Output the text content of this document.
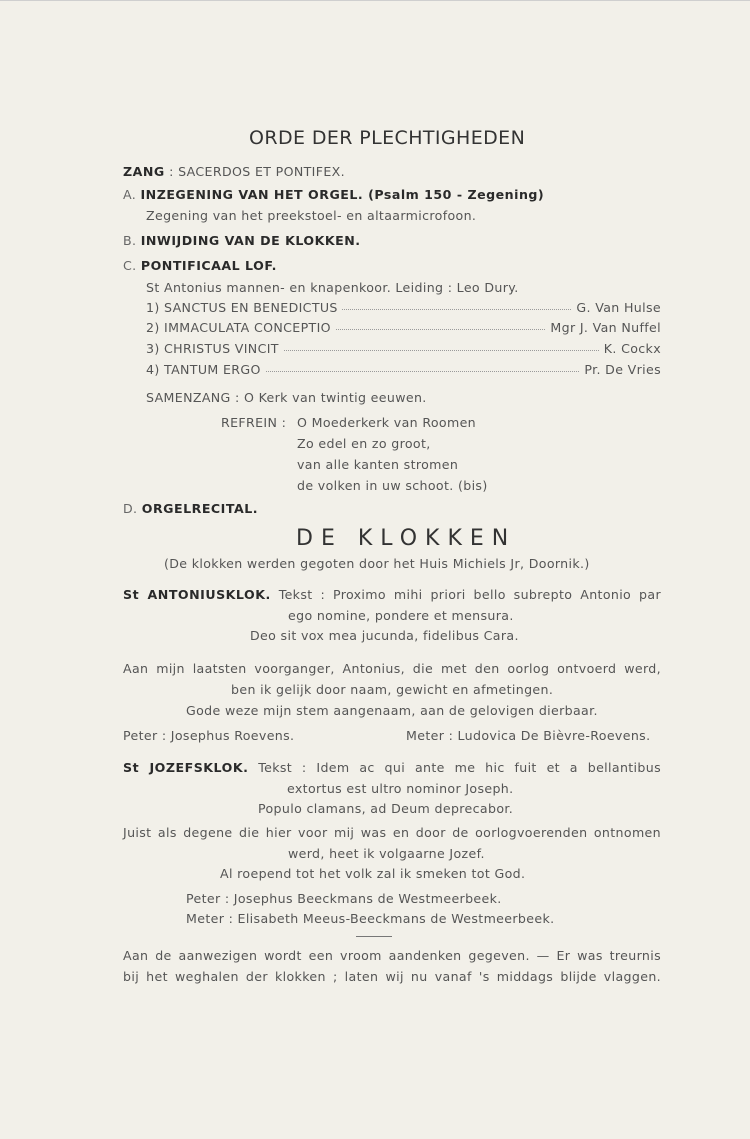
ORDE DER PLECHTIGHEDEN
ZANG : SACERDOS ET PONTIFEX.
A. INZEGENING VAN HET ORGEL. (Psalm 150 - Zegening)
Zegening van het preekstoel- en altaarmicrofoon.
B. INWIJDING VAN DE KLOKKEN.
C. PONTIFICAAL LOF.
St Antonius mannen- en knapenkoor. Leiding : Leo Dury.
1) SANCTUS EN BENEDICTUS	G. Van Hulse
2) IMMACULATA CONCEPTIO	Mgr J. Van Nuffel
3) CHRISTUS VINCIT	K. Cockx
4) TANTUM ERGO	Pr. De Vries
SAMENZANG : O Kerk van twintig eeuwen.
REFREIN : O Moederkerk van Roomen
Zo edel en zo groot,
van alle kanten stromen
de volken in uw schoot. (bis)
D. ORGELRECITAL.
DE KLOKKEN
(De klokken werden gegoten door het Huis Michiels Jr, Doornik.)
St ANTONIUSKLOK. Tekst : Proximo mihi priori bello subrepto Antonio par
ego nomine, pondere et mensura.
Deo sit vox mea jucunda, fidelibus Cara.
Aan mijn laatsten voorganger, Antonius, die met den oorlog ontvoerd werd,
ben ik gelijk door naam, gewicht en afmetingen.
Gode weze mijn stem aangenaam, aan de gelovigen dierbaar.
Peter : Josephus Roevens.	Meter : Ludovica De Bièvre-Roevens.
St JOZEFSKLOK. Tekst : Idem ac qui ante me hic fuit et a bellantibus
extortus est ultro nominor Joseph.
Populo clamans, ad Deum deprecabor.
Juist als degene die hier voor mij was en door de oorlogvoerenden ontnomen
werd, heet ik volgaarne Jozef.
Al roepend tot het volk zal ik smeken tot God.
Peter : Josephus Beeckmans de Westmeerbeek.
Meter : Elisabeth Meeus-Beeckmans de Westmeerbeek.
Aan de aanwezigen wordt een vroom aandenken gegeven. — Er was treurnis
bij het weghalen der klokken ; laten wij nu vanaf 's middags blijde vlaggen.
